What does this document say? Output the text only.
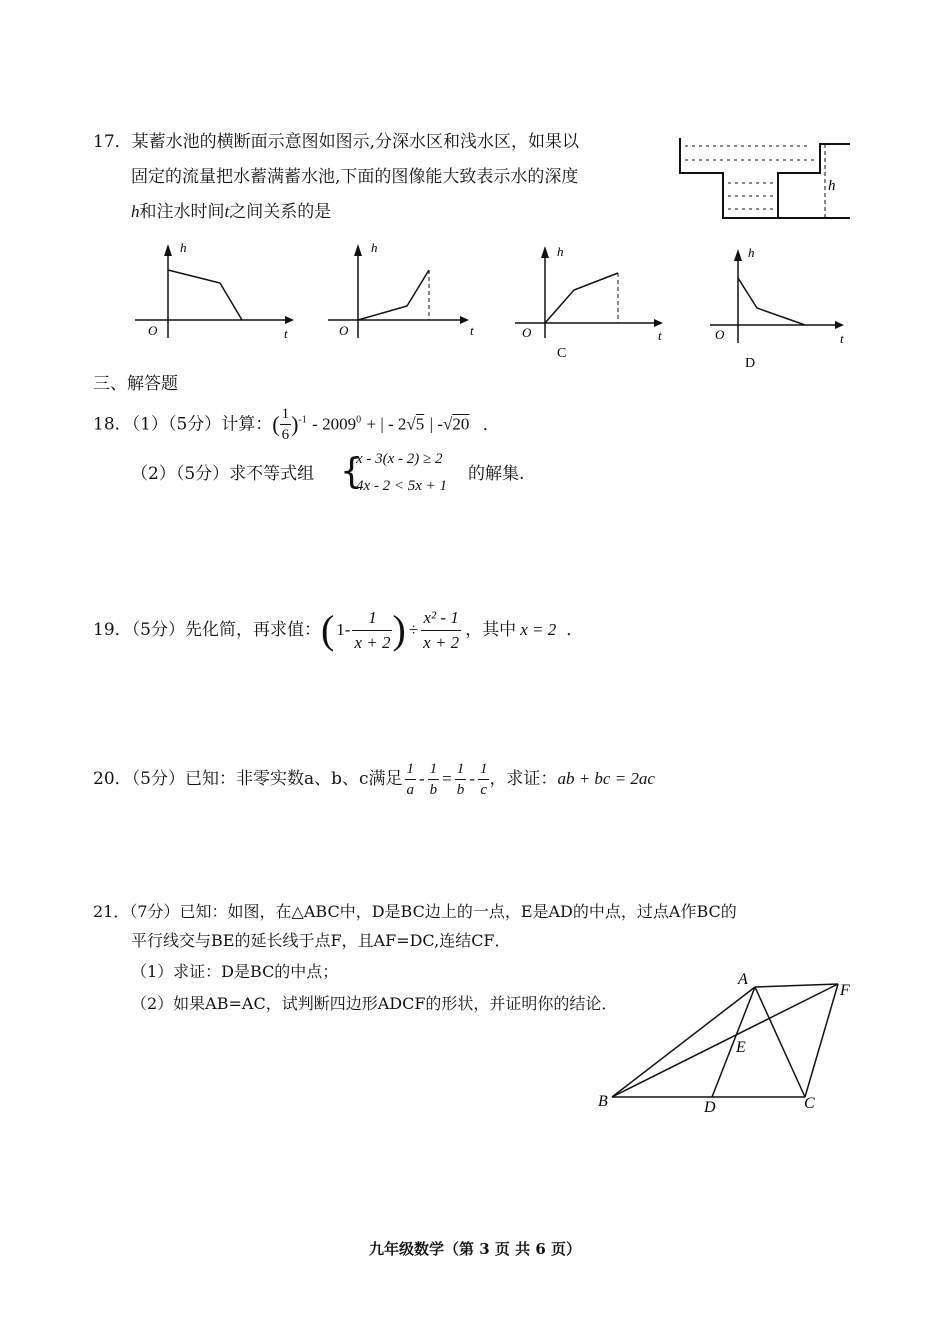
17．某蓄水池的横断面示意图如图示,分深水区和浅水区，如果以
固定的流量把水蓄满蓄水池,下面的图像能大致表示水的深度
h和注水时间t之间关系的是
h
h
O	t
h
O	t
h
O	t
C
h
O	t
D
三、解答题
18．（1）（5分）计算：( $\frac{1}{6} )^{-1} - 2009^0$ + | - 2√5 | -√20 ．
（2）（5分）求不等式组 {
x - 3(x - 2) ≥ 2
4x - 2 < 5x + 1
的解集.
19．（5分）先化简，再求值： ( $1- \frac{1}{x + 2}$ ) ÷ $\frac{\text{x² - 1}}{x + 2}$ ，其中 x = 2 ．
20．（5分）已知：非零实数a、b、c满足 $\frac{1}{a} - \frac{1}{b} = \frac{1}{b} - \frac{1}{c}$ ，求证： ab + bc = 2ac
21．（7分）已知：如图，在△ABC中，D是BC边上的一点，E是AD的中点，过点A作BC的
平行线交与BE的延长线于点F，且AF=DC,连结CF．
（1）求证：D是BC的中点；
（2）如果AB=AC，试判断四边形ADCF的形状，并证明你的结论．
A
B	C
D
E
F
九年级数学（第 3 页 共 6 页）
